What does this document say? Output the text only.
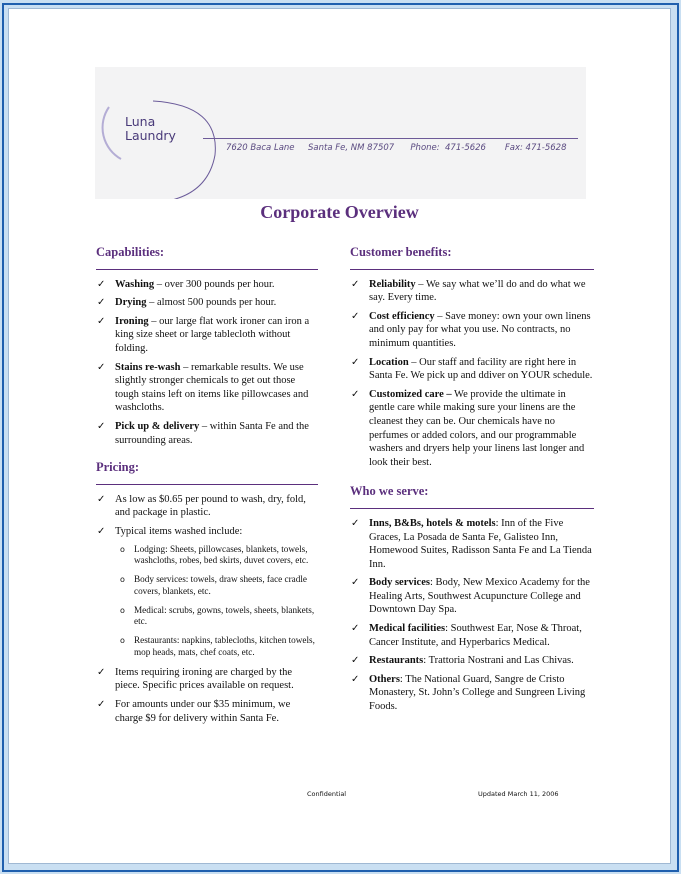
Luna
Laundry
7620 Baca Lane     Santa Fe, NM 87507      Phone:  471-5626       Fax: 471-5628
Corporate Overview
Capabilities:
✓ Washing – over 300 pounds per hour.
✓ Drying – almost 500 pounds per hour.
✓ Ironing – our large flat work ironer can iron a king size sheet or large tablecloth without folding.
✓ Stains re-wash – remarkable results. We use slightly stronger chemicals to get out those tough stains left on items like pillowcases and washcloths.
✓ Pick up & delivery – within Santa Fe and the surrounding areas.
Pricing:
✓ As low as $0.65 per pound to wash, dry, fold, and package in plastic.
✓ Typical items washed include:
o Lodging: Sheets, pillowcases, blankets, towels, washcloths, robes, bed skirts, duvet covers, etc.
o Body services: towels, draw sheets, face cradle covers, blankets, etc.
o Medical: scrubs, gowns, towels, sheets, blankets, etc.
o Restaurants: napkins, tablecloths, kitchen towels, mop heads, mats, chef coats, etc.
✓ Items requiring ironing are charged by the piece. Specific prices available on request.
✓ For amounts under our $35 minimum, we charge $9 for delivery within Santa Fe.
Customer benefits:
✓ Reliability – We say what we’ll do and do what we say. Every time.
✓ Cost efficiency – Save money: own your own linens and only pay for what you use. No contracts, no minimum quantities.
✓ Location – Our staff and facility are right here in Santa Fe. We pick up and ddiver on YOUR schedule.
✓ Customized care – We provide the ultimate in gentle care while making sure your linens are the cleanest they can be. Our chemicals have no perfumes or added colors, and our programmable washers and dryers help your linens last longer and look their best.
Who we serve:
✓ Inns, B&Bs, hotels & motels: Inn of the Five Graces, La Posada de Santa Fe, Galisteo Inn, Homewood Suites, Radisson Santa Fe and La Tienda Inn.
✓ Body services: Body, New Mexico Academy for the Healing Arts, Southwest Acupuncture College and Downtown Day Spa.
✓ Medical facilities: Southwest Ear, Nose & Throat, Cancer Institute, and Hyperbarics Medical.
✓ Restaurants: Trattoria Nostrani and Las Chivas.
✓ Others: The National Guard, Sangre de Cristo Monastery, St. John’s College and Sungreen Living Foods.
Confidential	Updated March 11, 2006
